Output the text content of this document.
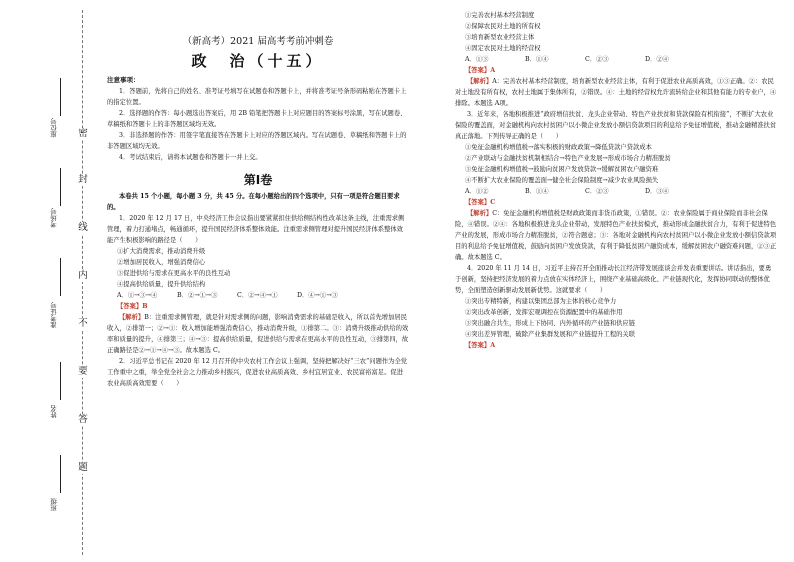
密
封
线
内
不
要
答
题
班级
姓名
准考证号
考场号
座位号
（新高考）2021 届高考考前冲刺卷
政　治（十五）

注意事项：

1．答题前，先将自己的姓名、准考证号填写在试题卷和答题卡上，并将准考证号条形码粘贴在答题卡上的指定位置。

2．选择题的作答：每小题选出答案后，用 2B 铅笔把答题卡上对应题目的答案标号涂黑，写在试题卷、草稿纸和答题卡上的非答题区域均无效。

3．非选择题的作答：用签字笔直接答在答题卡上对应的答题区域内。写在试题卷、草稿纸和答题卡上的非答题区域均无效。

4．考试结束后，请将本试题卷和答题卡一并上交。

第Ⅰ卷

本卷共 15 个小题，每小题 3 分，共 45 分。在每小题给出的四个选项中，只有一项是符合题目要求的。

1．2020 年 12 月 17 日，中央经济工作会议指出要紧紧扣住供给侧结构性改革这条主线，注重需求侧管理，着力打通堵点，畅通循环，提升国民经济体系整体效能。注重需求侧管理对提升国民经济体系整体效能产生积极影响的路径是（　　）

①扩大消费需求，推动消费升级

②增加居民收入，增强消费信心

③促进供给与需求在更高水平的良性互动

④提高供给质量，提升供给结构

A．①→③→④	B．②→①→③	C．②→④→①	D．④→①→③

【答案】B

【解析】B：注重需求侧管理，就是针对需求侧的问题，影响消费需求的基础是收入，所以首先增加居民收入，②排第一；②→①：收入增加能增强消费信心，推动消费升级，①排第二。③：消费升级推动供给的效率和质量的提升，④排第三；④→③：提高供给质量，促进供给与需求在更高水平的良性互动，③排第四，故正确路径是②→①→④→③。故本题选 C。

2．习近平总书记在 2020 年 12 月召开的中央农村工作会议上强调，坚持把解决好“三农”问题作为全党工作重中之重，举全党全社会之力推动乡村振兴，促进农业高质高效、乡村宜居宜业、农民富裕富足。促进农业高质高效需要（　　）

①完善农村基本经营制度

②保障农民对土地的所有权

③培育新型农业经营主体

④固定农民对土地的经营权

A．①③	B．①④	C．②③	D．②④

【答案】A

【解析】A：完善农村基本经营制度，培育新型农业经营主体，有利于促进农业高质高效，①③正确。②：农民对土地没有所有权，农村土地属于集体所有，②错误。④：土地的经营权允许流转给企业和其他有能力的专业户，④排除。本题选 A项。

3．近年来，各地积极推进“政府增信扶贫、龙头企业带动、特色产业扶贫和贷款保险有机衔接”，不断扩大农业保险的覆盖面，对金融机构向农村贫困户以小微企业发放小额信贷款项目的利息给予免征增值税，推动金融精准扶贫真正落地。下列传导正确的是（　　）

①免征金融机构增值税→落实积极的财政政策→降低贷款户贷款成本

②产业联动与金融扶贫机制相结合→特色产业发展→形成市场合力精准脱贫

③免征金融机构增值税→鼓励向贫困户发放贷款→缓解贫困农户融资难

④不断扩大农业保险的覆盖面→健全社会保险制度→减少农业风险损失

A．①②	B．①④	C．②③	D．③④

【答案】C

【解析】C：免征金融机构增值税是财政政策而非货币政策，①错误。②：农业保险属于商业保险而非社会保险，④错误。②④：各地积极推进龙头企业带动，发展特色产业扶贫模式，推动形成金融扶贫合力，有利于促进特色产业的发展，形成市场合力精准脱贫，②符合题意；③：各地对金融机构向农村贫困户以小微企业发放小额信贷款项目的利息给予免征增值税，鼓励向贫困户发放贷款，有利于降低贫困户融资成本，缓解贫困农户融资难问题，②③正确。故本题选 C。

4．2020 年 11 月 14 日，习近平主持召开全面推动长江经济带发展座谈会并发表重要讲话。讲话指出，要勇于创新，坚持把经济发展的着力点放在实体经济上，围绕产业基础高级化、产业链现代化，发挥协同联动的整体优势，全面塑造创新驱动发展新优势。这就要求（　　）

①突出专精特新，构建以集团总部为主体的核心竞争力

②突出改革创新，发挥宏观调控在资源配置中的基础作用

③突出融合共生，形成上下协同、内外循环的产业链和供应链

④突出差异管理，破除产业集群发展和产业链提升工程的关联

【答案】A
